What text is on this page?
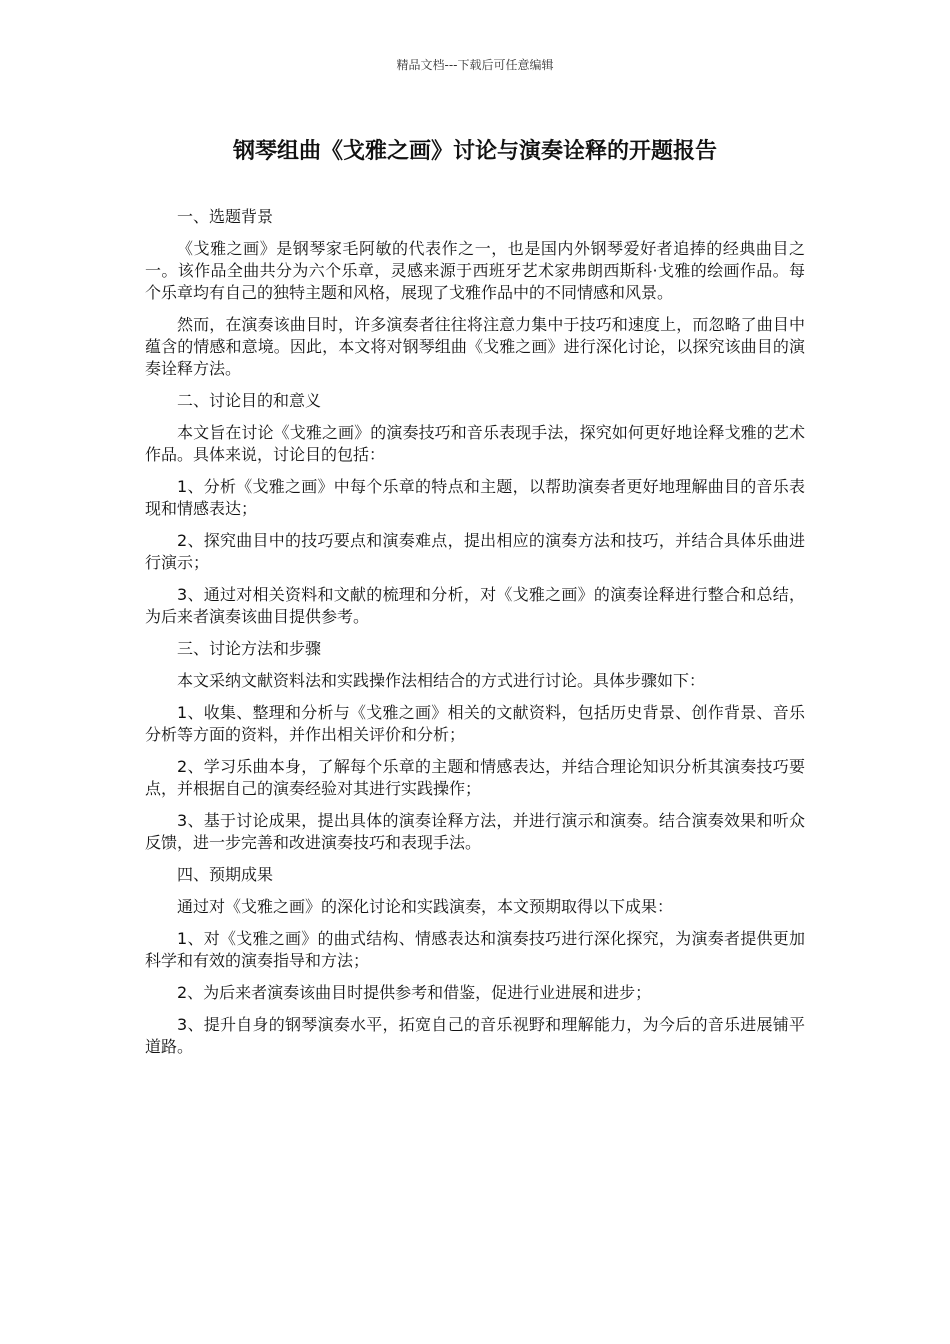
精品文档---下载后可任意编辑
钢琴组曲《戈雅之画》讨论与演奏诠释的开题报告

一、选题背景

《戈雅之画》是钢琴家毛阿敏的代表作之一，也是国内外钢琴爱好者追捧的经典曲目之一。该作品全曲共分为六个乐章，灵感来源于西班牙艺术家弗朗西斯科·戈雅的绘画作品。每个乐章均有自己的独特主题和风格，展现了戈雅作品中的不同情感和风景。

然而，在演奏该曲目时，许多演奏者往往将注意力集中于技巧和速度上，而忽略了曲目中蕴含的情感和意境。因此，本文将对钢琴组曲《戈雅之画》进行深化讨论，以探究该曲目的演奏诠释方法。

二、讨论目的和意义

本文旨在讨论《戈雅之画》的演奏技巧和音乐表现手法，探究如何更好地诠释戈雅的艺术作品。具体来说，讨论目的包括：

1、分析《戈雅之画》中每个乐章的特点和主题，以帮助演奏者更好地理解曲目的音乐表现和情感表达；

2、探究曲目中的技巧要点和演奏难点，提出相应的演奏方法和技巧，并结合具体乐曲进行演示；

3、通过对相关资料和文献的梳理和分析，对《戈雅之画》的演奏诠释进行整合和总结，为后来者演奏该曲目提供参考。

三、讨论方法和步骤

本文采纳文献资料法和实践操作法相结合的方式进行讨论。具体步骤如下：

1、收集、整理和分析与《戈雅之画》相关的文献资料，包括历史背景、创作背景、音乐分析等方面的资料，并作出相关评价和分析；

2、学习乐曲本身，了解每个乐章的主题和情感表达，并结合理论知识分析其演奏技巧要点，并根据自己的演奏经验对其进行实践操作；

3、基于讨论成果，提出具体的演奏诠释方法，并进行演示和演奏。结合演奏效果和听众反馈，进一步完善和改进演奏技巧和表现手法。

四、预期成果

通过对《戈雅之画》的深化讨论和实践演奏，本文预期取得以下成果：

1、对《戈雅之画》的曲式结构、情感表达和演奏技巧进行深化探究，为演奏者提供更加科学和有效的演奏指导和方法；

2、为后来者演奏该曲目时提供参考和借鉴，促进行业进展和进步；

3、提升自身的钢琴演奏水平，拓宽自己的音乐视野和理解能力，为今后的音乐进展铺平道路。
